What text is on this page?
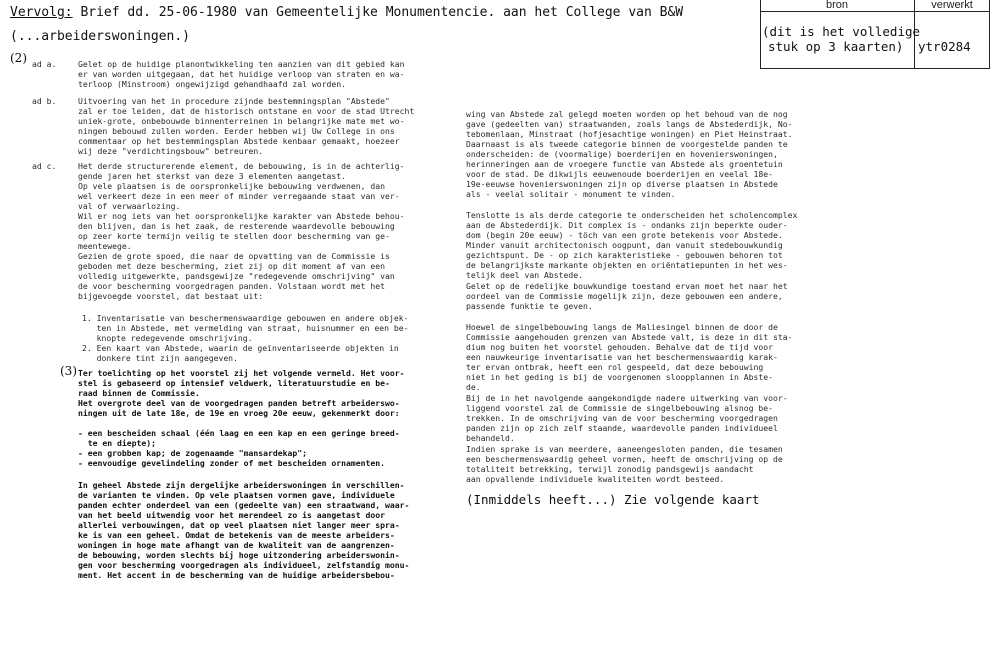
Vervolg: Brief dd. 25-06-1980 van Gemeentelijke Monumentencie. aan het College van B&W
(...arbeiderswoningen.)
bron	verwerkt
(dit is het volledige
stuk op 3 kaarten) ytr0284
(2)
(3)
ad a.	Gelet op de huidige planontwikkeling ten aanzien van dit gebied kan
er van worden uitgegaan, dat het huidige verloop van straten en wa-
terloop (Minstroom) ongewijzigd gehandhaafd zal worden.
ad b.	Uitvoering van het in procedure zijnde bestemmingsplan "Abstede"
zal er toe leiden, dat de historisch ontstane en voor de stad Utrecht
uniek-grote, onbebouwde binnenterreinen in belangrijke mate met wo-
ningen bebouwd zullen worden. Eerder hebben wij Uw College in ons
commentaar op het bestemmingsplan Abstede kenbaar gemaakt, hoezeer
wij deze "verdichtingsbouw" betreuren.
ad c.	Het derde structurerende element, de bebouwing, is in de achterlig-
gende jaren het sterkst van deze 3 elementen aangetast.
Op vele plaatsen is de oorspronkelijke bebouwing verdwenen, dan
wel verkeert deze in een meer of minder verregaande staat van ver-
val of verwaarlozing.
Wil er nog iets van het oorspronkelijke karakter van Abstede behou-
den blijven, dan is het zaak, de resterende waardevolle bebouwing
op zeer korte termijn veilig te stellen door bescherming van ge-
meentewege.
Gezien de grote spoed, die naar de opvatting van de Commissie is
geboden met deze bescherming, ziet zij op dit moment af van een
volledig uitgewerkte, pandsgewijze "redegevende omschrijving" van
de voor bescherming voorgedragen panden. Volstaan wordt met het
bijgevoegde voorstel, dat bestaat uit:
1. Inventarisatie van beschermenswaardige gebouwen en andere objek-
ten in Abstede, met vermelding van straat, huisnummer en een be-
knopte redegevende omschrijving.
2. Een kaart van Abstede, waarin de geïnventariseerde objekten in
donkere tint zijn aangegeven.
Ter toelichting op het voorstel zij het volgende vermeld. Het voor-
stel is gebaseerd op intensief veldwerk, literatuurstudie en be-
raad binnen de Commissie.
Het overgrote deel van de voorgedragen panden betreft arbeiderswo-
ningen uit de late 18e, de 19e en vroeg 20e eeuw, gekenmerkt door:
- een bescheiden schaal (één laag en een kap en een geringe breed-
te en diepte);
- een grobben kap; de zogenaamde "mansardekap";
- eenvoudige gevelindeling zonder of met bescheiden ornamenten.
In geheel Abstede zijn dergelijke arbeiderswoningen in verschillen-
de varianten te vinden. Op vele plaatsen vormen gave, individuele
panden echter onderdeel van een (gedeelte van) een straatwand, waar-
van het beeld uitwendig voor het merendeel zo is aangetast door
allerlei verbouwingen, dat op veel plaatsen niet langer meer spra-
ke is van een geheel. Omdat de betekenis van de meeste arbeiders-
woningen in hoge mate afhangt van de kwaliteit van de aangrenzen-
de bebouwing, worden slechts bij hoge uitzondering arbeiderswonin-
gen voor bescherming voorgedragen als individueel, zelfstandig monu-
ment. Het accent in de bescherming van de huidige arbeidersbebou-
wing van Abstede zal gelegd moeten worden op het behoud van de nog
gave (gedeelten van) straatwanden, zoals langs de Abstederdijk, No-
tebomenlaan, Minstraat (hofjesachtige woningen) en Piet Heinstraat.
Daarnaast is als tweede categorie binnen de voorgestelde panden te
onderscheiden: de (voormalige) boerderijen en hovenierswoningen,
herinneringen aan de vroegere functie van Abstede als groentetuin
voor de stad. De dikwijls eeuwenoude boerderijen en veelal 18e-
19e-eeuwse hovenierswoningen zijn op diverse plaatsen in Abstede
als - veelal solitair - monument te vinden.
Tenslotte is als derde categorie te onderscheiden het scholencomplex
aan de Abstederdijk. Dit complex is - ondanks zijn beperkte ouder-
dom (begin 20e eeuw) - töch van een grote betekenis voor Abstede.
Minder vanuit architectonisch oogpunt, dan vanuit stedebouwkundig
gezichtspunt. De - op zich karakteristieke - gebouwen behoren tot
de belangrijkste markante objekten en oriëntatiepunten in het wes-
telijk deel van Abstede.
Gelet op de redelijke bouwkundige toestand ervan moet het naar het
oordeel van de Commissie mogelijk zijn, deze gebouwen een andere,
passende funktie te geven.
Hoewel de singelbebouwing langs de Maliesingel binnen de door de
Commissie aangehouden grenzen van Abstede valt, is deze in dit sta-
dium nog buiten het voorstel gehouden. Behalve dat de tijd voor
een nauwkeurige inventarisatie van het beschermenswaardig karak-
ter ervan ontbrak, heeft een rol gespeeld, dat deze bebouwing
niet in het geding is bij de voorgenomen sloopplannen in Abste-
de.
Bij de in het navolgende aangekondigde nadere uitwerking van voor-
liggend voorstel zal de Commissie de singelbebouwing alsnog be-
trekken. In de omschrijving van de voor bescherming voorgedragen
panden zijn op zich zelf staande, waardevolle panden individueel
behandeld.
Indien sprake is van meerdere, aaneengesloten panden, die tesamen
een beschermenswaardig geheel vormen, heeft de omschrijving op de
totaliteit betrekking, terwijl zonodig pandsgewijs aandacht
aan opvallende individuele kwaliteiten wordt besteed.
(Inmiddels heeft...) Zie volgende kaart
